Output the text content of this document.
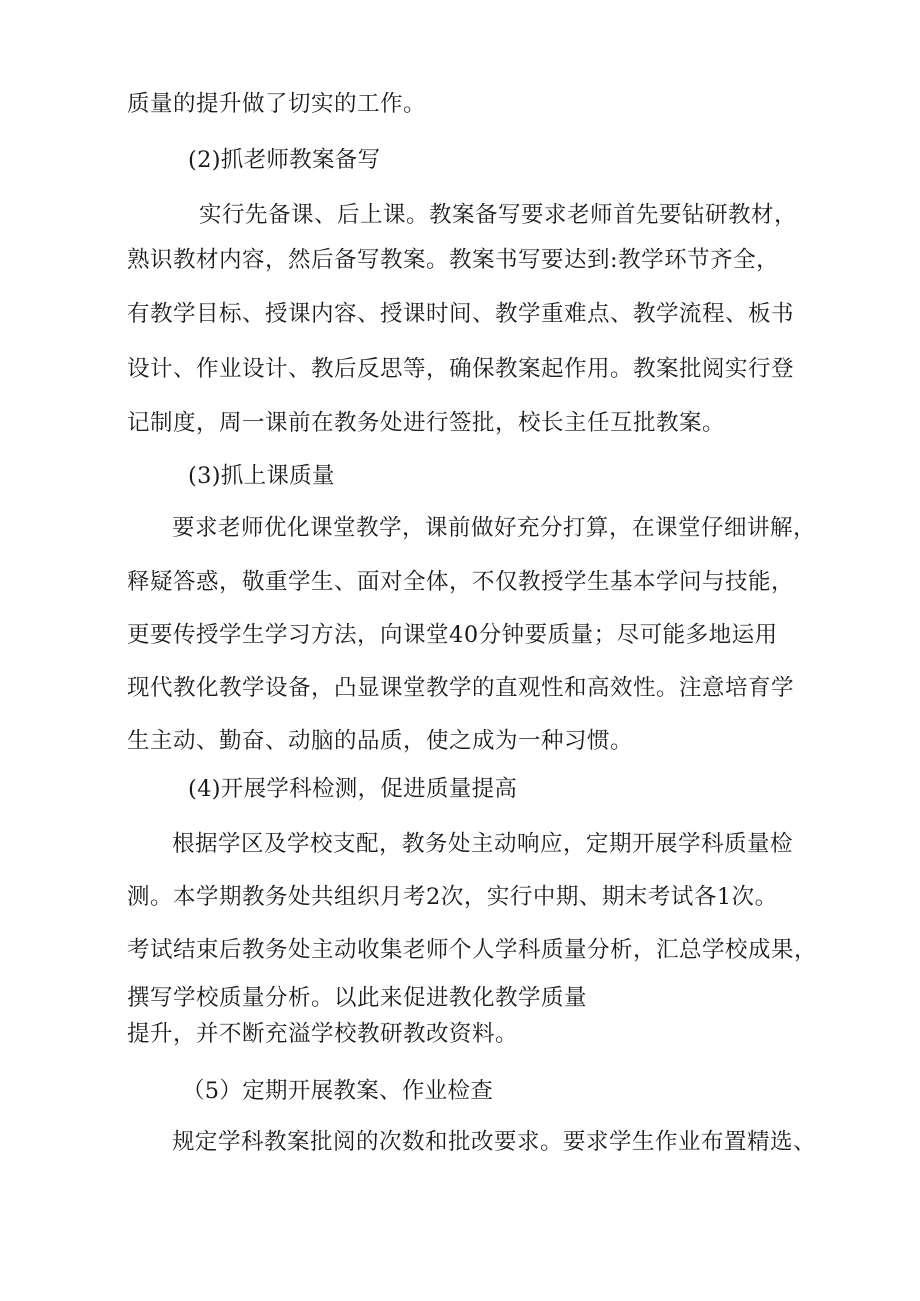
质量的提升做了切实的工作。
(2)抓老师教案备写
实行先备课、后上课。教案备写要求老师首先要钻研教材，
熟识教材内容，然后备写教案。教案书写要达到:教学环节齐全，
有教学目标、授课内容、授课时间、教学重难点、教学流程、板书
设计、作业设计、教后反思等，确保教案起作用。教案批阅实行登
记制度，周一课前在教务处进行签批，校长主任互批教案。
(3)抓上课质量
要求老师优化课堂教学，课前做好充分打算，在课堂仔细讲解，
释疑答惑，敬重学生、面对全体，不仅教授学生基本学问与技能，
更要传授学生学习方法，向课堂40分钟要质量；尽可能多地运用
现代教化教学设备，凸显课堂教学的直观性和高效性。注意培育学
生主动、勤奋、动脑的品质，使之成为一种习惯。
(4)开展学科检测，促进质量提高
根据学区及学校支配，教务处主动响应，定期开展学科质量检
测。本学期教务处共组织月考2次，实行中期、期末考试各1次。
考试结束后教务处主动收集老师个人学科质量分析，汇总学校成果，
撰写学校质量分析。以此来促进教化教学质量
提升，并不断充溢学校教研教改资料。
（5）定期开展教案、作业检查
规定学科教案批阅的次数和批改要求。要求学生作业布置精选、
